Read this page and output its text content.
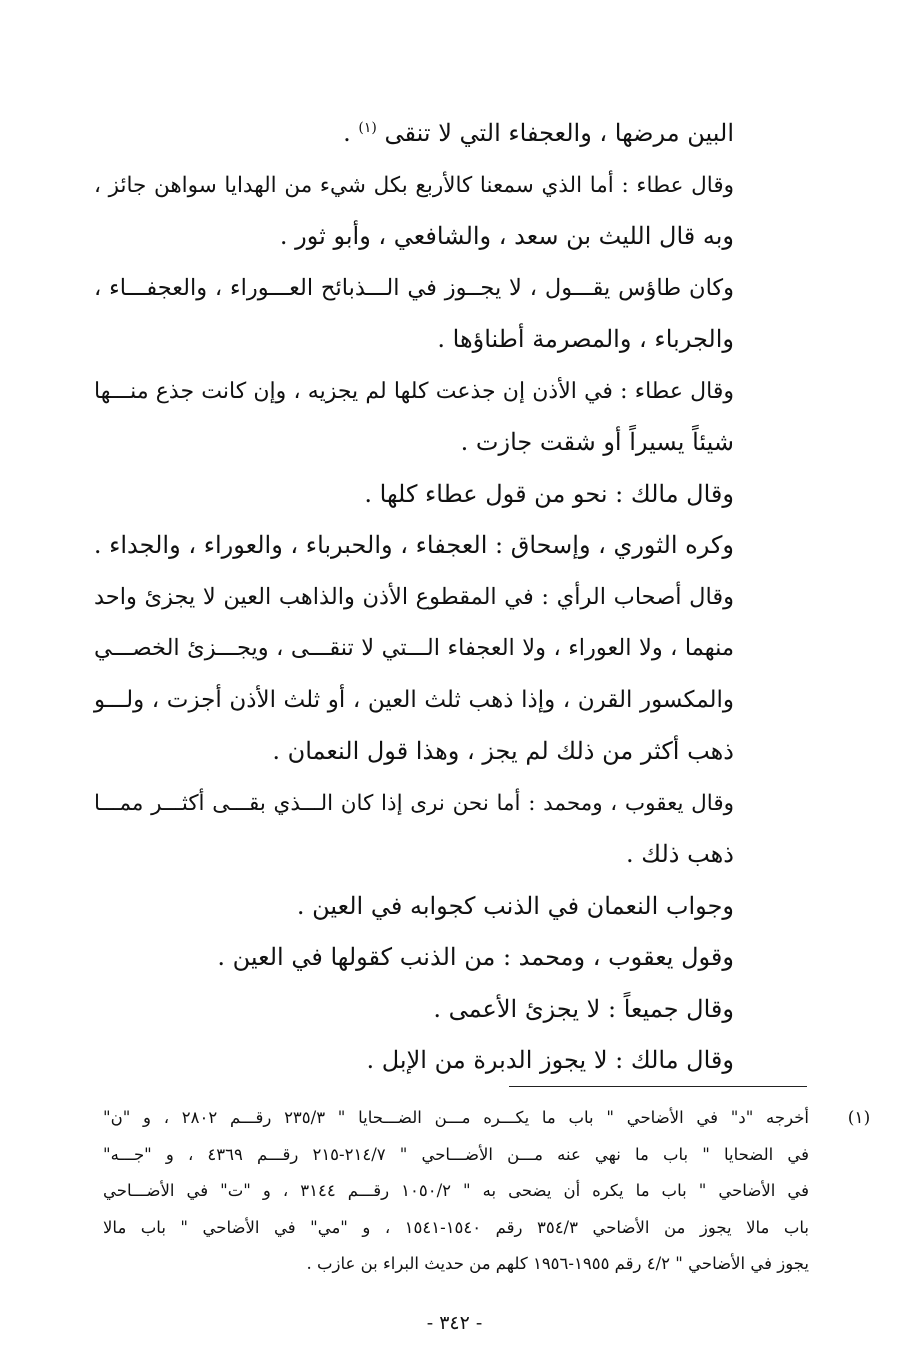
البين مرضها ، والعجفاء التي لا تنقى $^{(١)}$ .
وقال عطاء : أما الذي سمعنا كالأربع بكل شيء من الهدايا سواهن جائز ،
وبه قال الليث بن سعد ، والشافعي ، وأبو ثور .
وكان طاؤس يقـــول ، لا يجــوز في الـــذبائح العـــوراء ، والعجفـــاء ،
والجرباء ، والمصرمة أطناؤها .
وقال عطاء : في الأذن إن جذعت كلها لم يجزيه ، وإن كانت جذع منـــها
شيئاً يسيراً أو شقت جازت .
وقال مالك : نحو من قول عطاء كلها .
وكره الثوري ، وإسحاق : العجفاء ، والحبرباء ، والعوراء ، والجداء .
وقال أصحاب الرأي : في المقطوع الأذن والذاهب العين لا يجزئ واحد
منهما ، ولا العوراء ، ولا العجفاء الـــتي لا تنقـــى ، ويجـــزئ الخصـــي
والمكسور القرن ، وإذا ذهب ثلث العين ، أو ثلث الأذن أجزت ، ولـــو
ذهب أكثر من ذلك لم يجز ، وهذا قول النعمان .
وقال يعقوب ، ومحمد : أما نحن نرى إذا كان الـــذي بقـــى أكثـــر ممـــا
ذهب ذلك .
وجواب النعمان في الذنب كجوابه في العين .
وقول يعقوب ، ومحمد : من الذنب كقولها في العين .
وقال جميعاً : لا يجزئ الأعمى .
وقال مالك : لا يجوز الدبرة من الإبل .
(١)
أخرجه "د" في الأضاحي " باب ما يكـــره مـــن الضـــحايا " ٢٣٥/٣ رقـــم ٢٨٠٢ ، و "ن"
في الضحايا " باب ما نهي عنه مـــن الأضـــاحي " ٢١٤/٧-٢١٥ رقـــم ٤٣٦٩ ، و "جـــه"
في الأضاحي " باب ما يكره أن يضحى به " ١٠٥٠/٢ رقـــم ٣١٤٤ ، و "ت" في الأضـــاحي
باب مالا يجوز من الأضاحي ٣٥٤/٣ رقم ١٥٤٠-١٥٤١ ، و "مي" في الأضاحي " باب مالا
يجوز في الأضاحي " ٤/٢ رقم ١٩٥٥-١٩٥٦ كلهم من حديث البراء بن عازب .
- ٣٤٢ -
